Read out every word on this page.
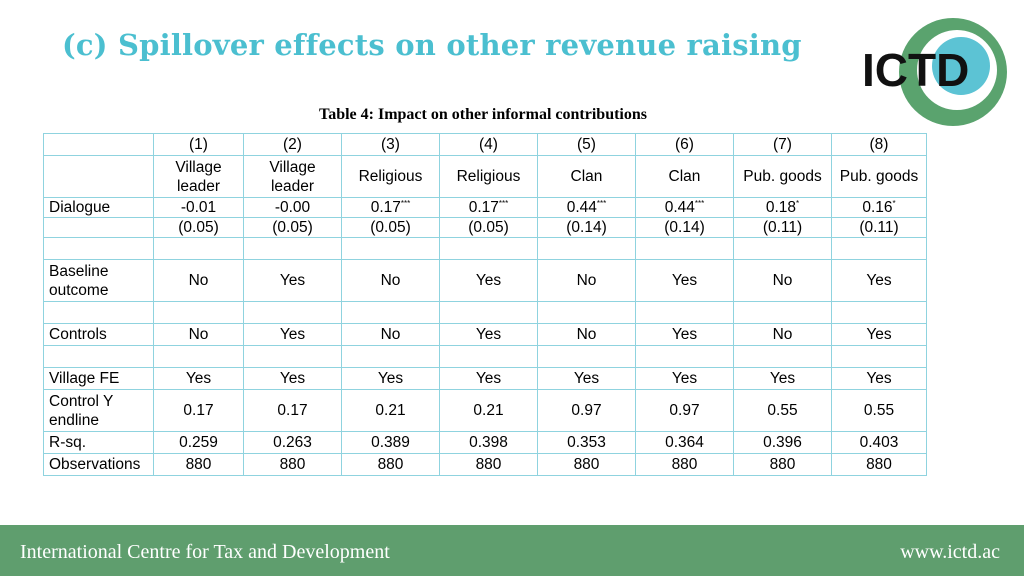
(c) Spillover effects on other revenue raising ICTD
Table 4: Impact on other informal contributions
	(1)	(2)	(3)	(4)	(5)	(6)	(7)	(8)
	Village leader	Village leader	Religious	Religious	Clan	Clan	Pub. goods	Pub. goods
Dialogue	-0.01	-0.00	0.17***	0.17***	0.44***	0.44***	0.18*	0.16*
	(0.05)	(0.05)	(0.05)	(0.05)	(0.14)	(0.14)	(0.11)	(0.11)

Baseline outcome	No	Yes	No	Yes	No	Yes	No	Yes

Controls	No	Yes	No	Yes	No	Yes	No	Yes

Village FE	Yes	Yes	Yes	Yes	Yes	Yes	Yes	Yes
Control Y endline	0.17	0.17	0.21	0.21	0.97	0.97	0.55	0.55
R-sq.	0.259	0.263	0.389	0.398	0.353	0.364	0.396	0.403
Observations	880	880	880	880	880	880	880	880
International Centre for Tax and Development	www.ictd.ac
